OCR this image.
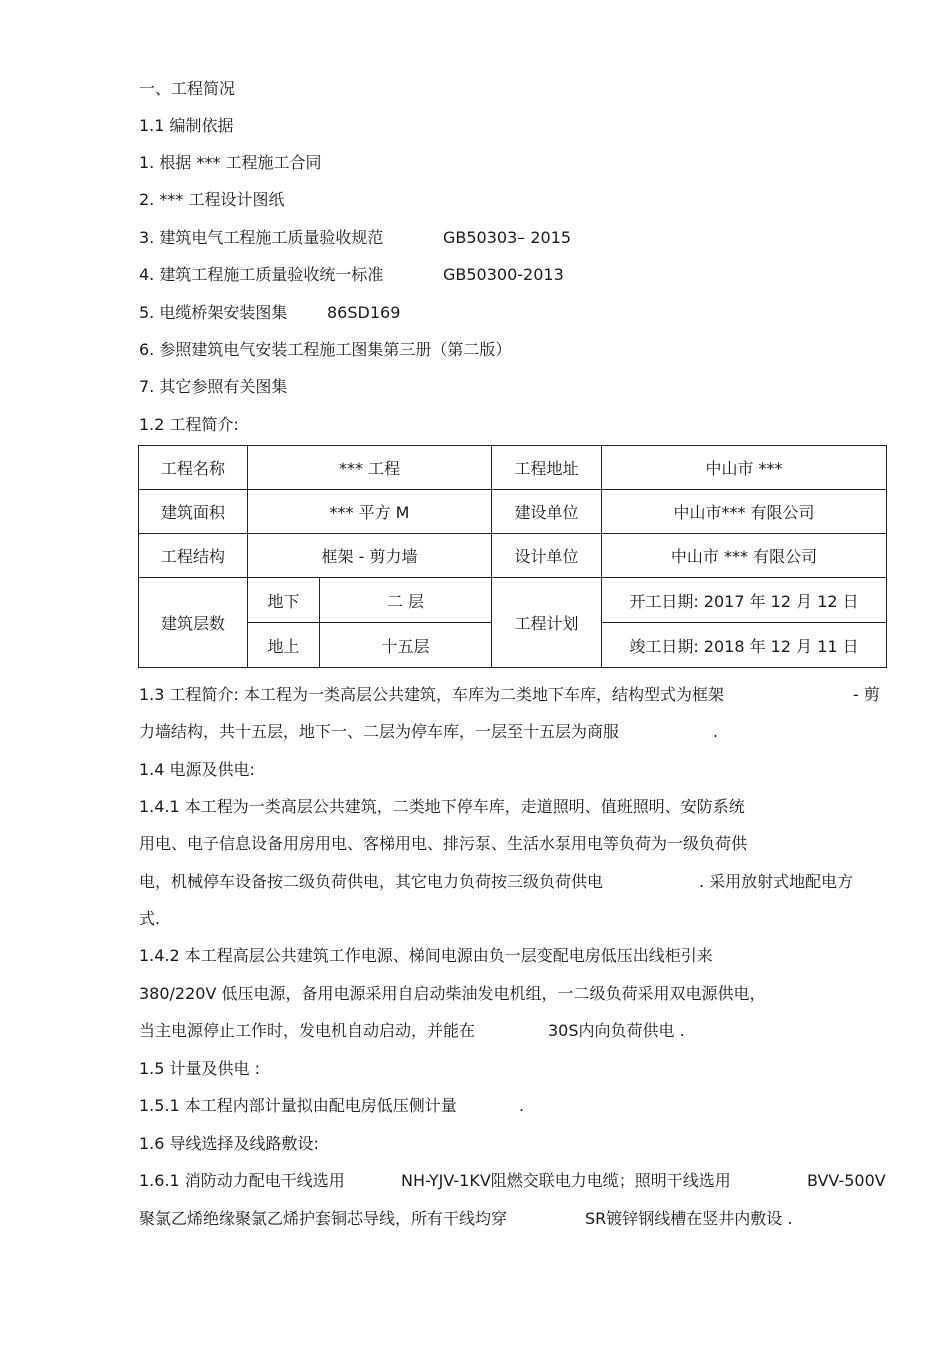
一、工程简况
1.1 编制依据
1. 根据 *** 工程施工合同
2. *** 工程设计图纸
3. 建筑电气工程施工质量验收规范	GB50303– 2015
4. 建筑工程施工质量验收统一标准	GB50300-2013
5. 电缆桥架安装图集 86SD169
6. 参照建筑电气安装工程施工图集第三册（第二版）
7. 其它参照有关图集
1.2 工程简介:
工程名称	*** 工程		工程地址	中山市 ***
建筑面积	*** 平方 M		建设单位	中山市*** 有限公司
工程结构	框架 - 剪力墙		设计单位	中山市 *** 有限公司
建筑层数	地下	二 层	工程计划	开工日期: 2017 年 12 月 12 日
	地上	十五层		竣工日期: 2018 年 12 月 11 日
1.3 工程简介: 本工程为一类高层公共建筑，车库为二类地下车库，结构型式为框架	- 剪
力墙结构，共十五层，地下一、二层为停车库，一层至十五层为商服	.
1.4 电源及供电:
1.4.1 本工程为一类高层公共建筑，二类地下停车库，走道照明、值班照明、安防系统
用电、电子信息设备用房用电、客梯用电、排污泵、生活水泵用电等负荷为一级负荷供
电，机械停车设备按二级负荷供电，其它电力负荷按三级负荷供电	. 采用放射式地配电方
式.
1.4.2 本工程高层公共建筑工作电源、梯间电源由负一层变配电房低压出线柜引来
380/220V 低压电源，备用电源采用自启动柴油发电机组，一二级负荷采用双电源供电，
当主电源停止工作时，发电机自动启动，并能在	30S内向负荷供电 .
1.5 计量及供电 :
1.5.1 本工程内部计量拟由配电房低压侧计量	.
1.6 导线选择及线路敷设:
1.6.1 消防动力配电干线选用	NH-YJV-1KV阻燃交联电力电缆；照明干线选用	BVV-500V
聚氯乙烯绝缘聚氯乙烯护套铜芯导线，所有干线均穿	SR镀锌钢线槽在竖井内敷设 .
